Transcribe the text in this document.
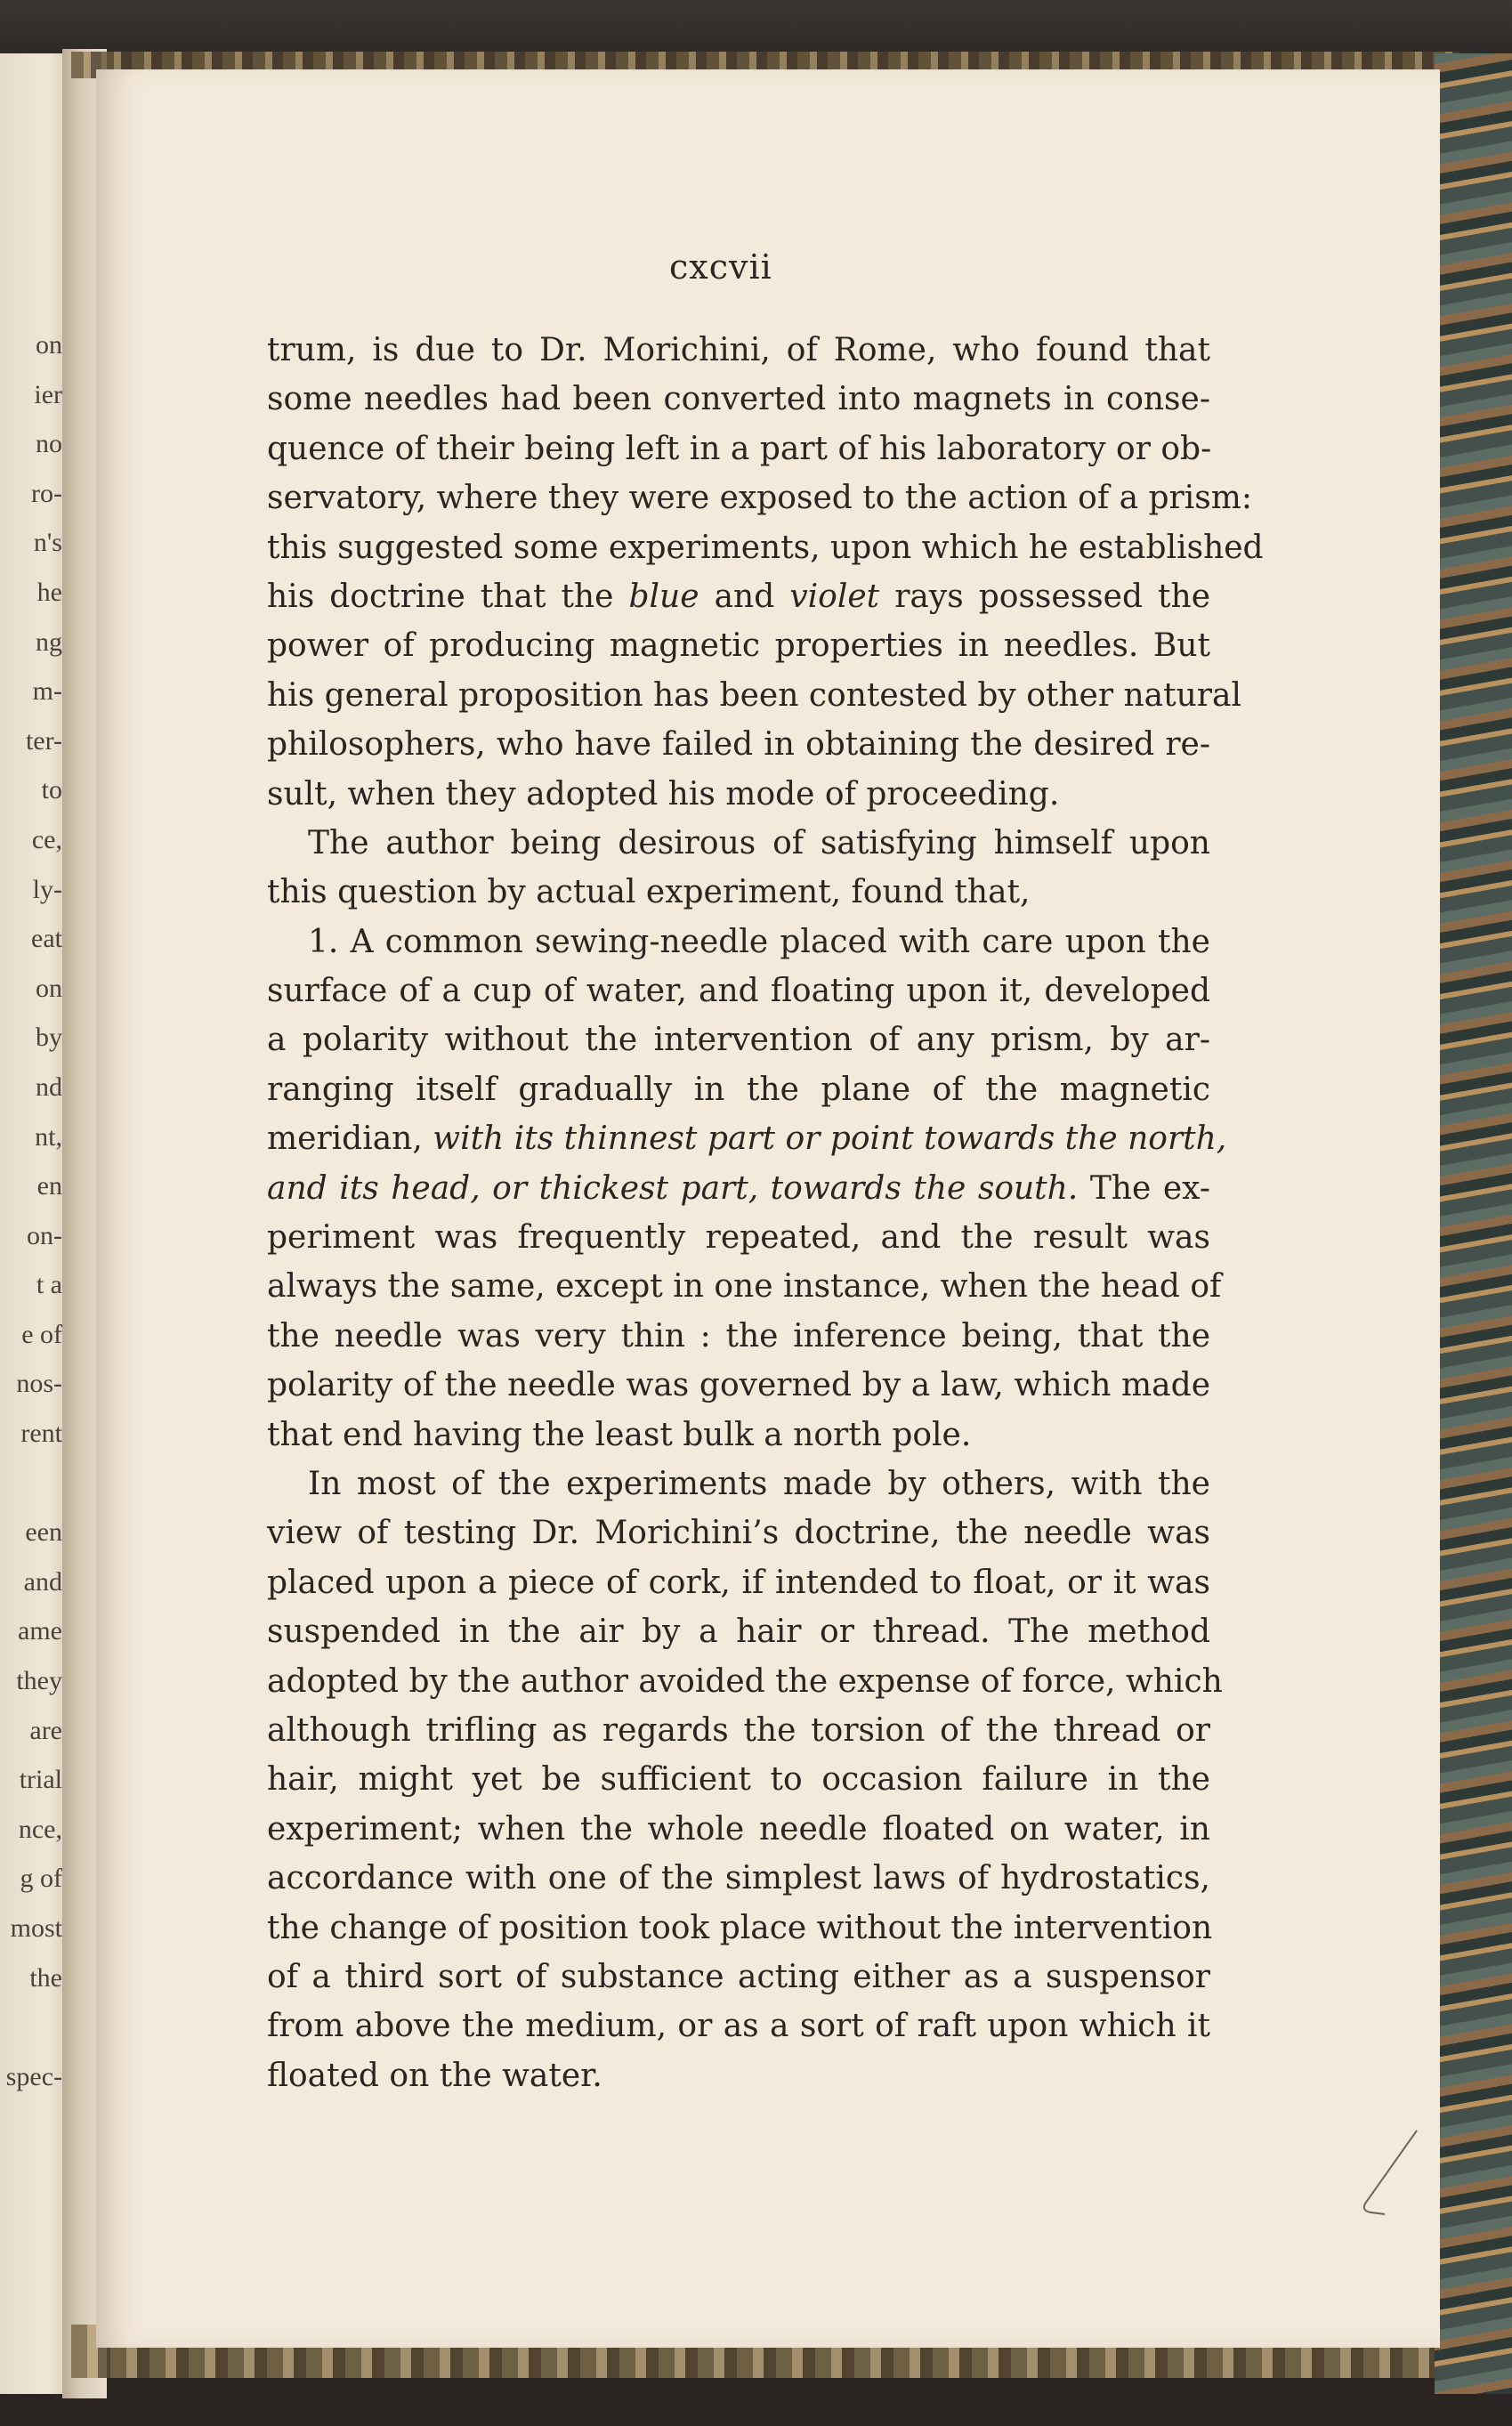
on
ier
no
ro-
n's
he
ng
m-
ter-
to
ce,
ly-
eat
on
by
nd
nt,
en
on-
t a
e of
nos-
rent
een
and
ame
they
are
trial
nce,
g of
most
the
spec-
cxcvii
trum, is due to Dr. Morichini, of Rome, who found that
some needles had been converted into magnets in conse-
quence of their being left in a part of his laboratory or ob-
servatory, where they were exposed to the action of a prism:
this suggested some experiments, upon which he established
his doctrine that the blue and violet rays possessed the
power of producing magnetic properties in needles. But
his general proposition has been contested by other natural
philosophers, who have failed in obtaining the desired re-
sult, when they adopted his mode of proceeding.
The author being desirous of satisfying himself upon
this question by actual experiment, found that,
1. A common sewing-needle placed with care upon the
surface of a cup of water, and floating upon it, developed
a polarity without the intervention of any prism, by ar-
ranging itself gradually in the plane of the magnetic
meridian, with its thinnest part or point towards the north,
and its head, or thickest part, towards the south. The ex-
periment was frequently repeated, and the result was
always the same, except in one instance, when the head of
the needle was very thin : the inference being, that the
polarity of the needle was governed by a law, which made
that end having the least bulk a north pole.
In most of the experiments made by others, with the
view of testing Dr. Morichini’s doctrine, the needle was
placed upon a piece of cork, if intended to float, or it was
suspended in the air by a hair or thread. The method
adopted by the author avoided the expense of force, which
although trifling as regards the torsion of the thread or
hair, might yet be sufficient to occasion failure in the
experiment; when the whole needle floated on water, in
accordance with one of the simplest laws of hydrostatics,
the change of position took place without the intervention
of a third sort of substance acting either as a suspensor
from above the medium, or as a sort of raft upon which it
floated on the water.
